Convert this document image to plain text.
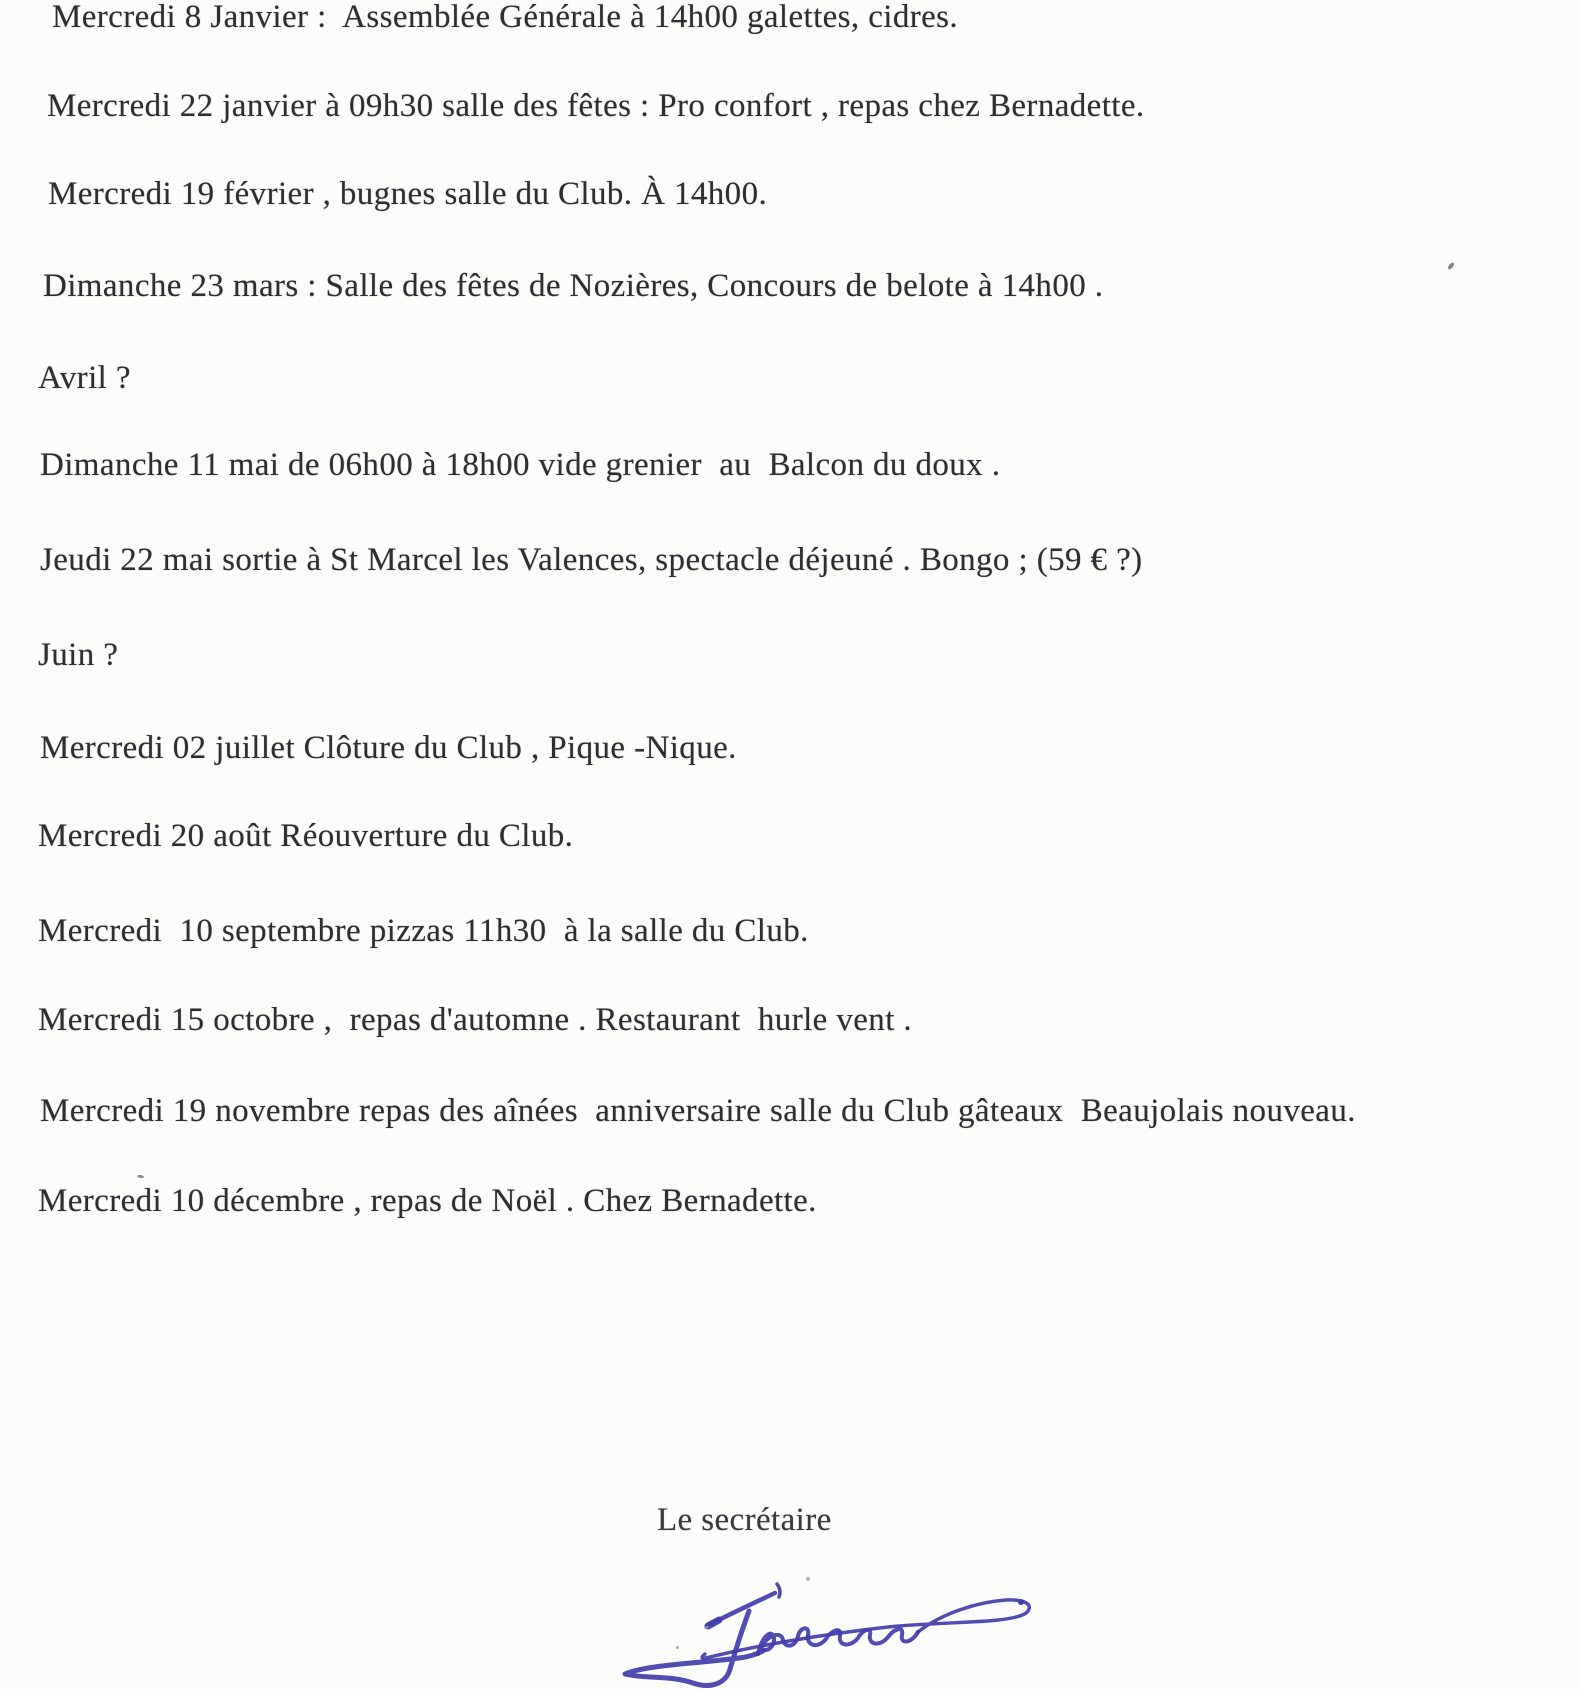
Mercredi 8 Janvier :  Assemblée Générale à 14h00 galettes, cidres.
Mercredi 22 janvier à 09h30 salle des fêtes : Pro confort , repas chez Bernadette.
Mercredi 19 février , bugnes salle du Club. À 14h00.
Dimanche 23 mars : Salle des fêtes de Nozières, Concours de belote à 14h00 .
Avril ?
Dimanche 11 mai de 06h00 à 18h00 vide grenier  au  Balcon du doux .
Jeudi 22 mai sortie à St Marcel les Valences, spectacle déjeuné . Bongo ; (59 € ?)
Juin ?
Mercredi 02 juillet Clôture du Club , Pique -Nique.
Mercredi 20 août Réouverture du Club.
Mercredi  10 septembre pizzas 11h30  à la salle du Club.
Mercredi 15 octobre ,  repas d'automne . Restaurant  hurle vent .
Mercredi 19 novembre repas des aînées  anniversaire salle du Club gâteaux  Beaujolais nouveau.
Mercredi 10 décembre , repas de Noël . Chez Bernadette.
Le secrétaire
